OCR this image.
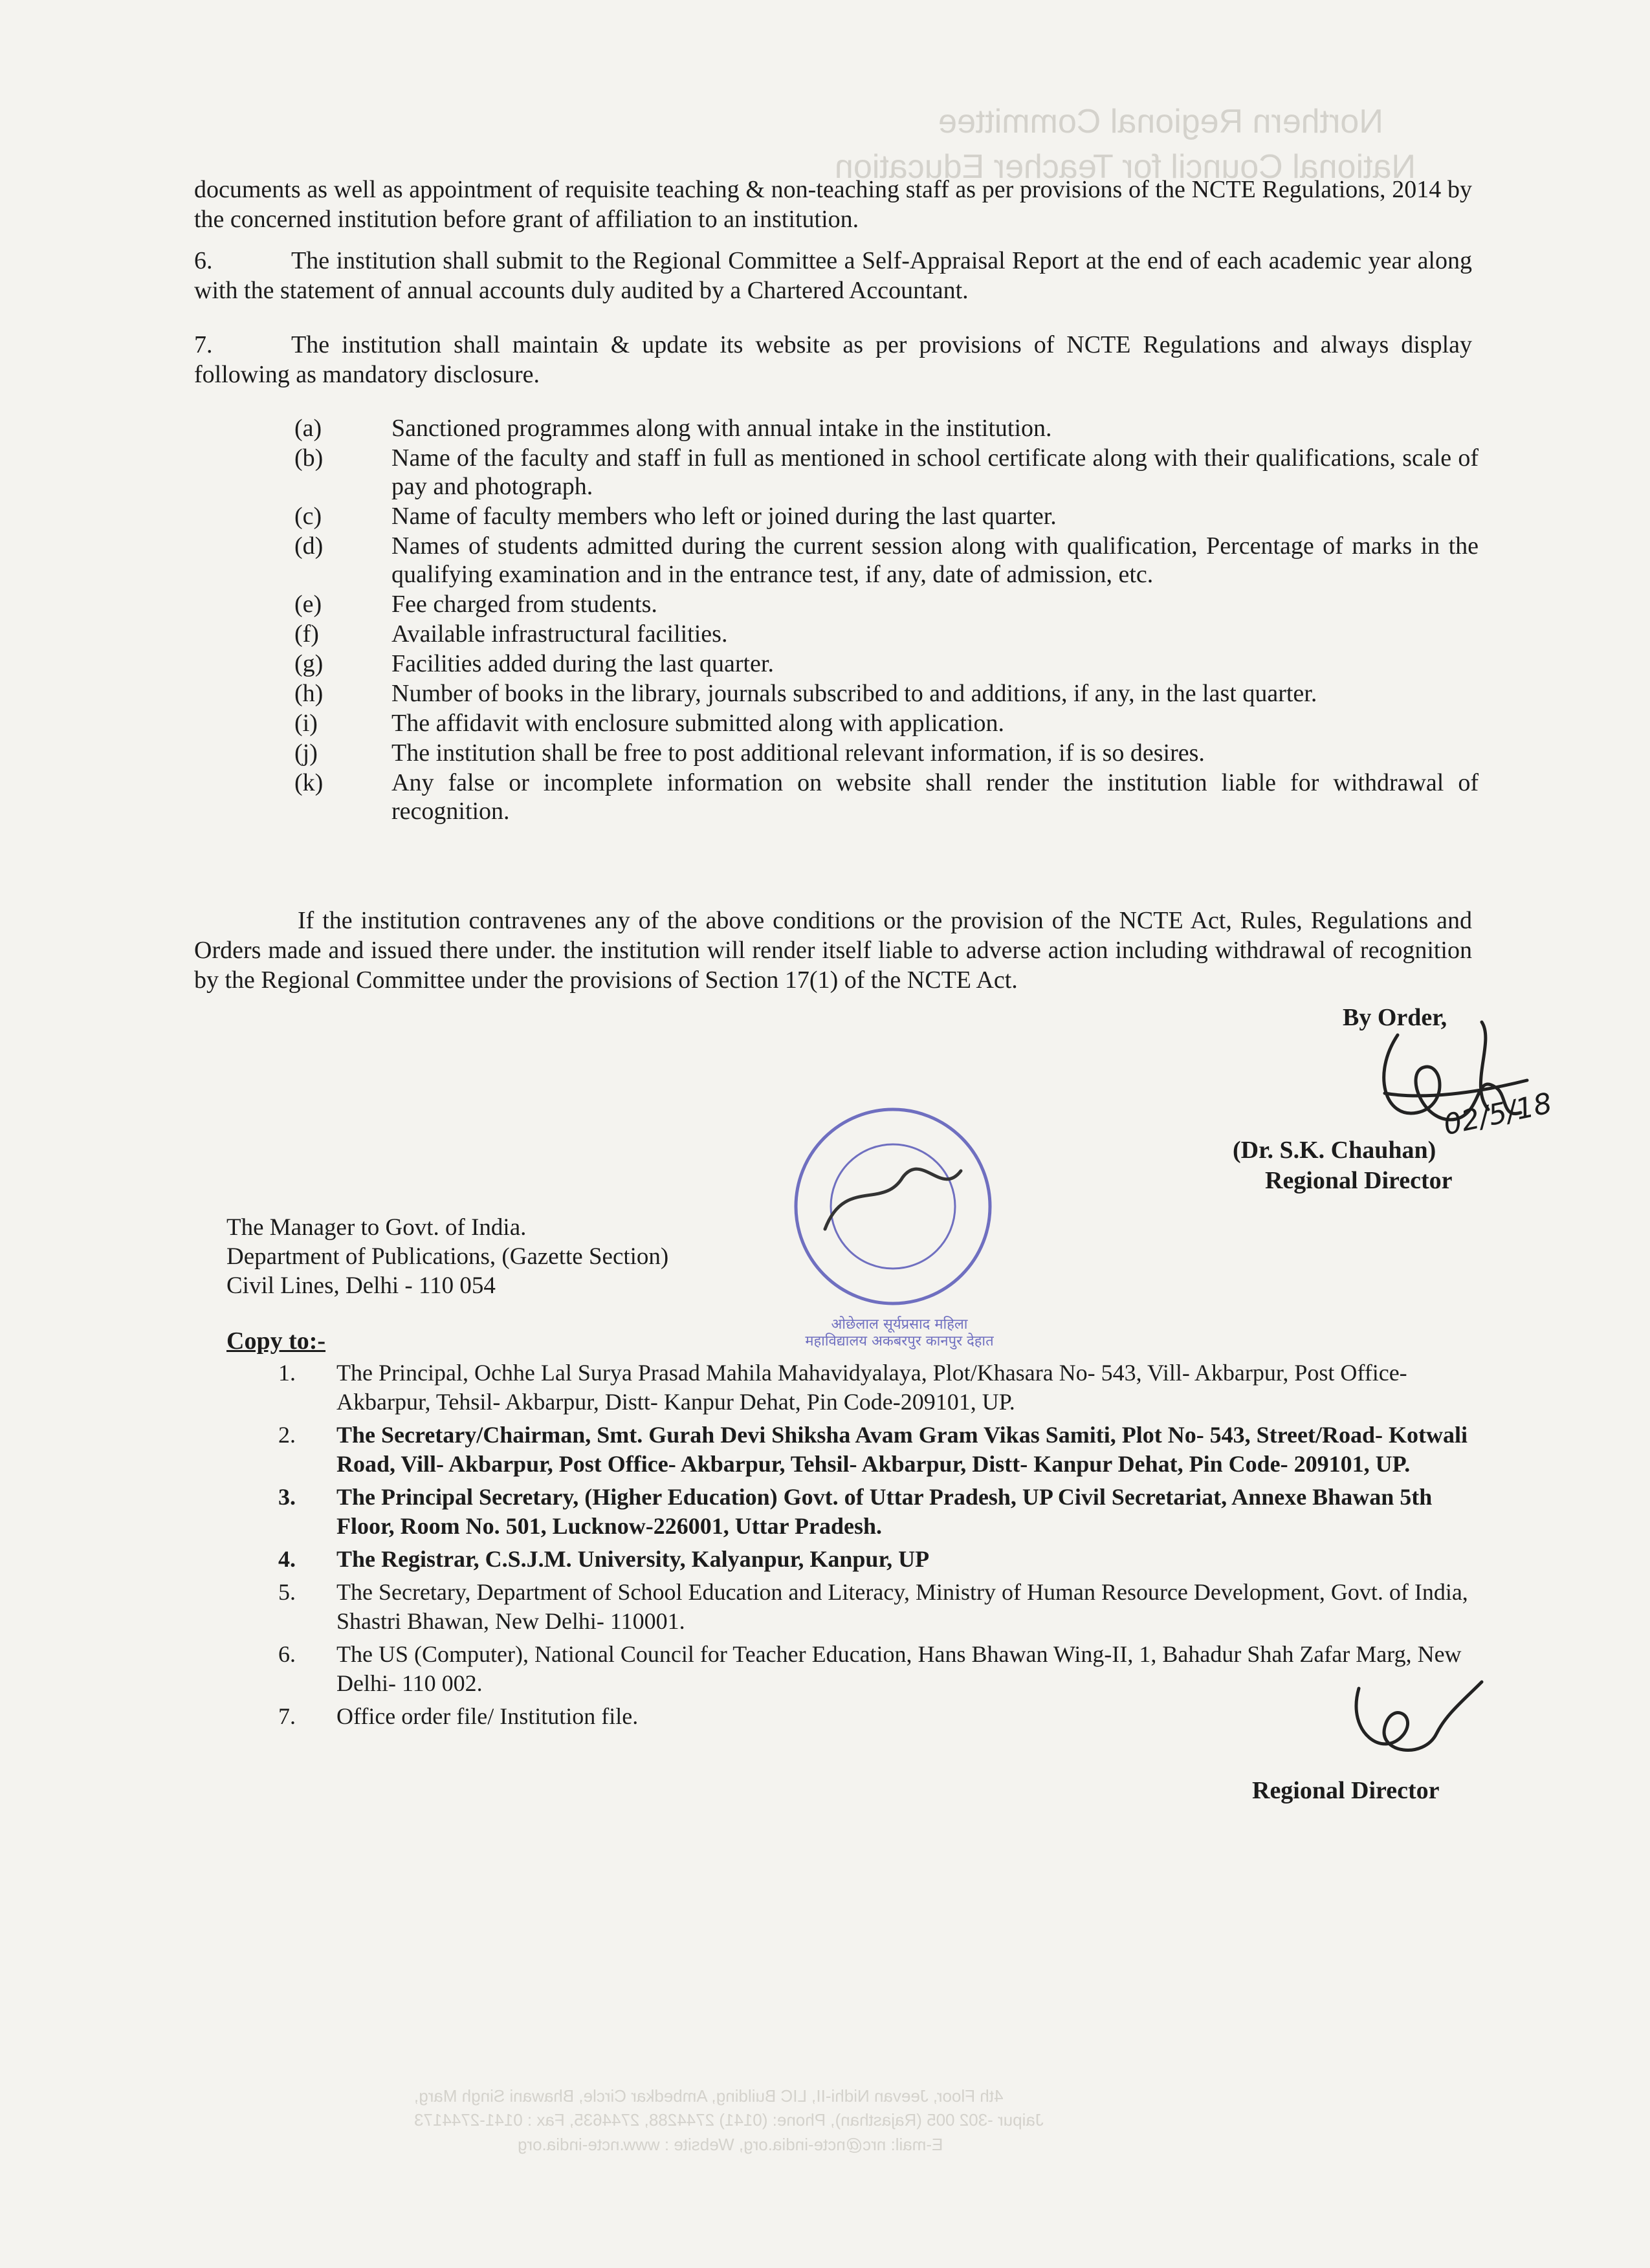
Northern Regional Committee
National Council for Teacher Education
4th Floor, Jeevan Nidhi-II, LIC Building, Ambedkar Circle, Bhawani Singh Marg,
Jaipur -302 005 (Rajasthan), Phone: (0141) 2744288, 2744635, Fax : 0141-2744173
E-mail: nrc@ncte-india.org, Website : www.ncte-india.org
documents as well as appointment of requisite teaching & non-teaching staff as per provisions of the NCTE Regulations, 2014 by the concerned institution before grant of affiliation to an institution.
6.	The institution shall submit to the Regional Committee a Self-Appraisal Report at the end of each academic year along with the statement of annual accounts duly audited by a Chartered Accountant.
7.	The institution shall maintain & update its website as per provisions of NCTE Regulations and always display following as mandatory disclosure.
(a)	Sanctioned programmes along with annual intake in the institution.
(b)	Name of the faculty and staff in full as mentioned in school certificate along with their qualifications, scale of pay and photograph.
(c)	Name of faculty members who left or joined during the last quarter.
(d)	Names of students admitted during the current session along with qualification, Percentage of marks in the qualifying examination and in the entrance test, if any, date of admission, etc.
(e)	Fee charged from students.
(f)	Available infrastructural facilities.
(g)	Facilities added during the last quarter.
(h)	Number of books in the library, journals subscribed to and additions, if any, in the last quarter.
(i)	The affidavit with enclosure submitted along with application.
(j)	The institution shall be free to post additional relevant information, if is so desires.
(k)	Any false or incomplete information on website shall render the institution liable for withdrawal of recognition.
If the institution contravenes any of the above conditions or the provision of the NCTE Act, Rules, Regulations and Orders made and issued there under. the institution will render itself liable to adverse action including withdrawal of recognition by the Regional Committee under the provisions of Section 17(1) of the NCTE Act.
By Order,
02/5/18
(Dr. S.K. Chauhan)
Regional Director
ओछेलाल सूर्यप्रसाद महिला महाविद्यालय अकबरपुर कानपुर देहात
The Manager to Govt. of India.
Department of Publications, (Gazette Section)
Civil Lines, Delhi - 110 054
Copy to:-
1.	The Principal, Ochhe Lal Surya Prasad Mahila Mahavidyalaya, Plot/Khasara No- 543, Vill- Akbarpur, Post Office- Akbarpur, Tehsil- Akbarpur, Distt- Kanpur Dehat, Pin Code-209101, UP.
2.	The Secretary/Chairman, Smt. Gurah Devi Shiksha Avam Gram Vikas Samiti, Plot No- 543, Street/Road- Kotwali Road, Vill- Akbarpur, Post Office- Akbarpur, Tehsil- Akbarpur, Distt- Kanpur Dehat, Pin Code- 209101, UP.
3.	The Principal Secretary, (Higher Education) Govt. of Uttar Pradesh, UP Civil Secretariat, Annexe Bhawan 5th Floor, Room No. 501, Lucknow-226001, Uttar Pradesh.
4.	The Registrar, C.S.J.M. University, Kalyanpur, Kanpur, UP
5.	The Secretary, Department of School Education and Literacy, Ministry of Human Resource Development, Govt. of India, Shastri Bhawan, New Delhi- 110001.
6.	The US (Computer), National Council for Teacher Education, Hans Bhawan Wing-II, 1, Bahadur Shah Zafar Marg, New Delhi- 110 002.
7.	Office order file/ Institution file.
Regional Director
